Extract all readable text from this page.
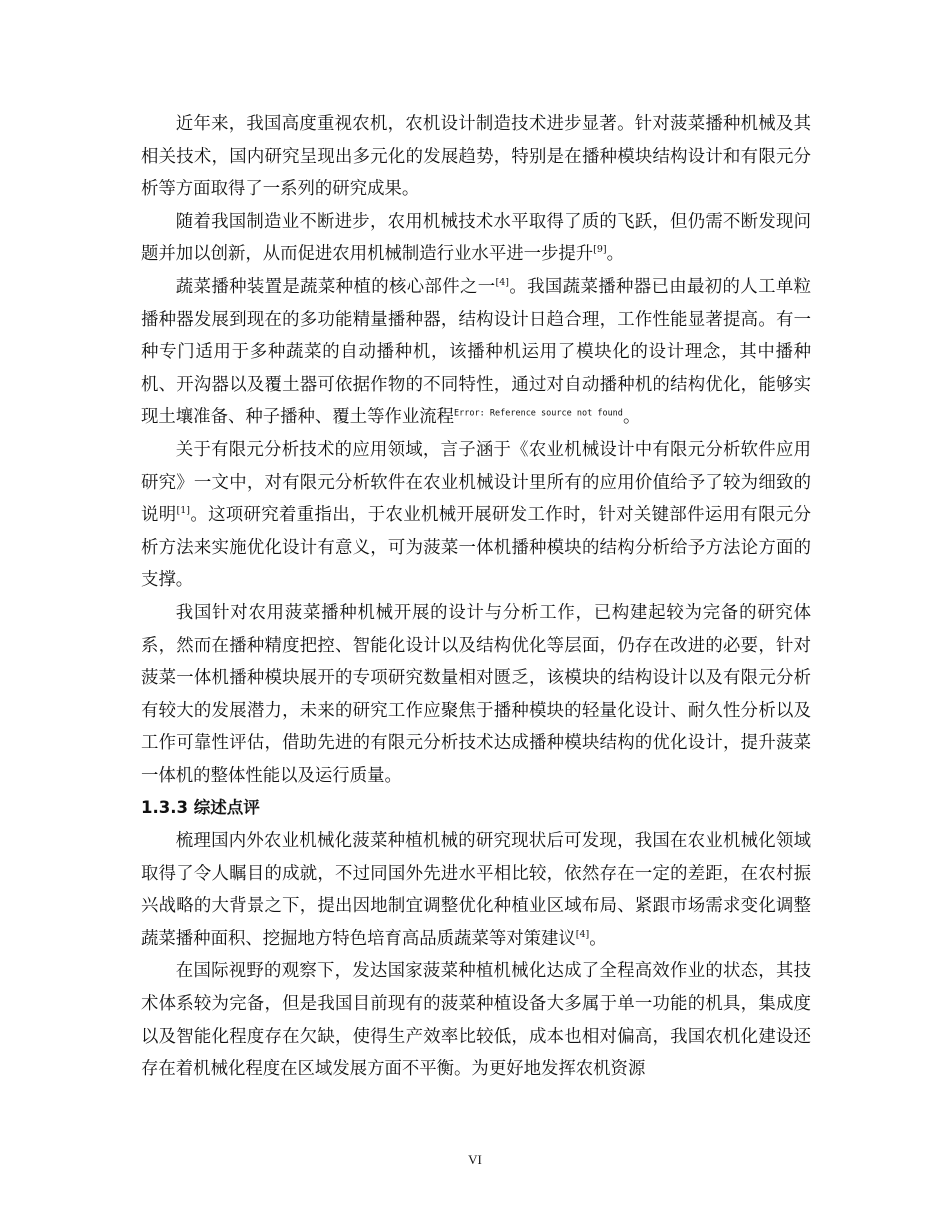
近年来，我国高度重视农机，农机设计制造技术进步显著。针对菠菜播种机械及其相关技术，国内研究呈现出多元化的发展趋势，特别是在播种模块结构设计和有限元分析等方面取得了一系列的研究成果。

随着我国制造业不断进步，农用机械技术水平取得了质的飞跃，但仍需不断发现问题并加以创新，从而促进农用机械制造行业水平进一步提升[9]。

蔬菜播种装置是蔬菜种植的核心部件之一[4]。我国蔬菜播种器已由最初的人工单粒播种器发展到现在的多功能精量播种器，结构设计日趋合理，工作性能显著提高。有一种专门适用于多种蔬菜的自动播种机，该播种机运用了模块化的设计理念，其中播种机、开沟器以及覆土器可依据作物的不同特性，通过对自动播种机的结构优化，能够实现土壤准备、种子播种、覆土等作业流程$^{Error: Reference source not found}$。

关于有限元分析技术的应用领域，言子涵于《农业机械设计中有限元分析软件应用研究》一文中，对有限元分析软件在农业机械设计里所有的应用价值给予了较为细致的说明[1]。这项研究着重指出，于农业机械开展研发工作时，针对关键部件运用有限元分析方法来实施优化设计有意义，可为菠菜一体机播种模块的结构分析给予方法论方面的支撑。

我国针对农用菠菜播种机械开展的设计与分析工作，已构建起较为完备的研究体系，然而在播种精度把控、智能化设计以及结构优化等层面，仍存在改进的必要，针对菠菜一体机播种模块展开的专项研究数量相对匮乏，该模块的结构设计以及有限元分析有较大的发展潜力，未来的研究工作应聚焦于播种模块的轻量化设计、耐久性分析以及工作可靠性评估，借助先进的有限元分析技术达成播种模块结构的优化设计，提升菠菜一体机的整体性能以及运行质量。

1.3.3 综述点评

梳理国内外农业机械化菠菜种植机械的研究现状后可发现，我国在农业机械化领域取得了令人瞩目的成就，不过同国外先进水平相比较，依然存在一定的差距，在农村振兴战略的大背景之下，提出因地制宜调整优化种植业区域布局、紧跟市场需求变化调整蔬菜播种面积、挖掘地方特色培育高品质蔬菜等对策建议[4]。

在国际视野的观察下，发达国家菠菜种植机械化达成了全程高效作业的状态，其技术体系较为完备，但是我国目前现有的菠菜种植设备大多属于单一功能的机具，集成度以及智能化程度存在欠缺，使得生产效率比较低，成本也相对偏高，我国农机化建设还存在着机械化程度在区域发展方面不平衡。为更好地发挥农机资源

VI
